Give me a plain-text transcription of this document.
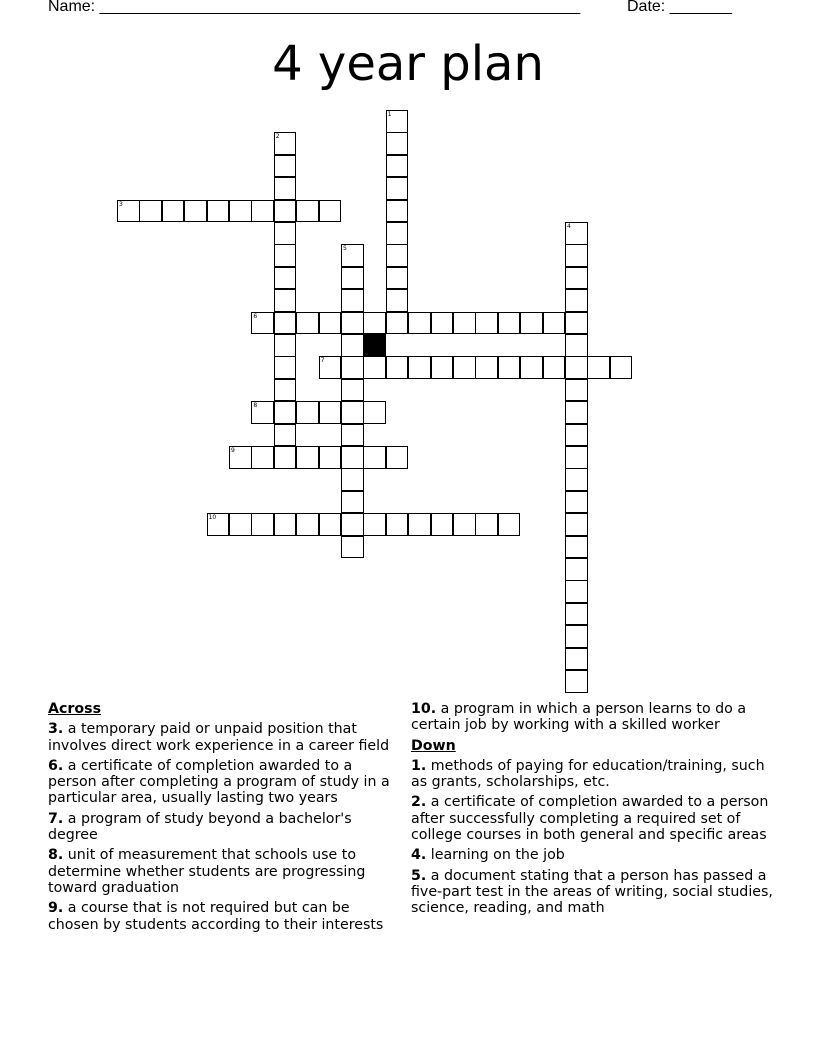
Name: ______________________________________________________	Date: _______
4 year plan
1
2
3
4
5
6
7
8
9
10
Across
3. a temporary paid or unpaid position that involves direct work experience in a career field
6. a certificate of completion awarded to a person after completing a program of study in a particular area, usually lasting two years
7. a program of study beyond a bachelor's degree
8. unit of measurement that schools use to determine whether students are progressing toward graduation
9. a course that is not required but can be chosen by students according to their interests
10. a program in which a person learns to do a certain job by working with a skilled worker
Down
1. methods of paying for education/training, such as grants, scholarships, etc.
2. a certificate of completion awarded to a person after successfully completing a required set of college courses in both general and specific areas
4. learning on the job
5. a document stating that a person has passed a five-part test in the areas of writing, social studies, science, reading, and math
